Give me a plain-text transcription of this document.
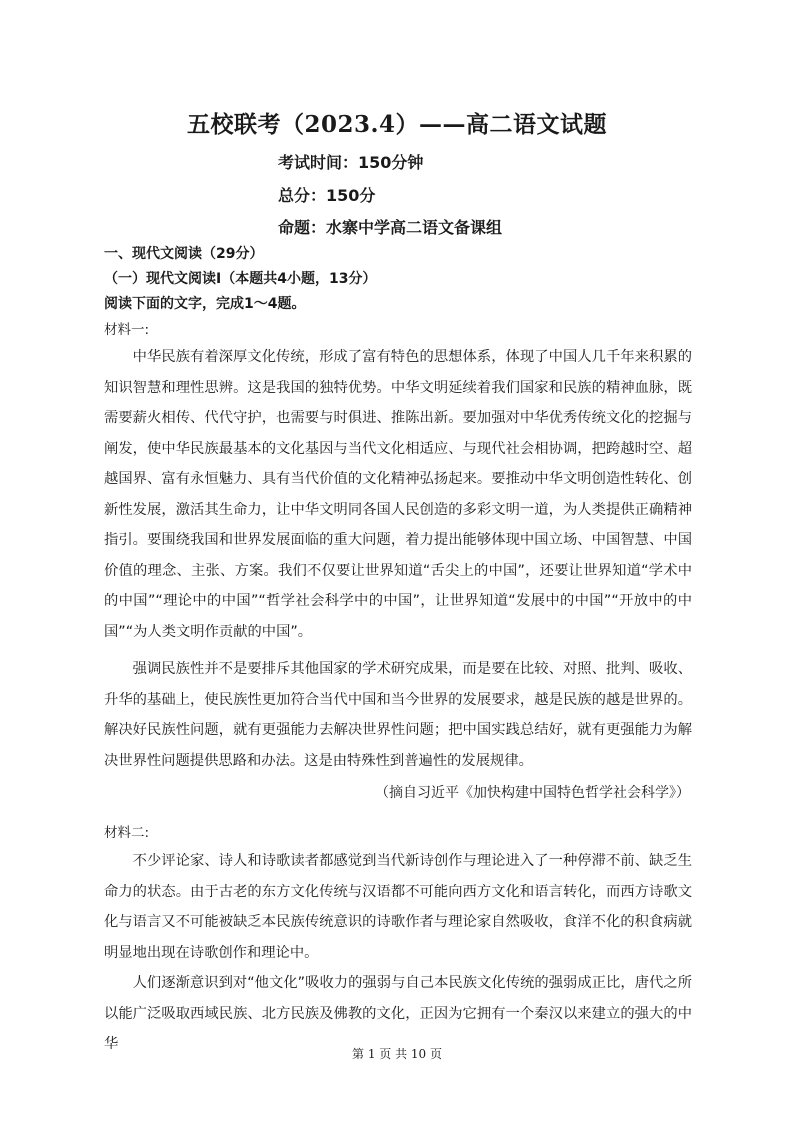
五校联考（2023.4）——高二语文试题
考试时间：150分钟
总分：150分
命题：水寨中学高二语文备课组
一、现代文阅读（29分）
（一）现代文阅读Ⅰ（本题共4小题，13分）
阅读下面的文字，完成1～4题。
材料一:

中华民族有着深厚文化传统，形成了富有特色的思想体系，体现了中国人几千年来积累的知识智慧和理性思辨。这是我国的独特优势。中华文明延续着我们国家和民族的精神血脉，既需要薪火相传、代代守护，也需要与时俱进、推陈出新。要加强对中华优秀传统文化的挖掘与阐发，使中华民族最基本的文化基因与当代文化相适应、与现代社会相协调，把跨越时空、超越国界、富有永恒魅力、具有当代价值的文化精神弘扬起来。要推动中华文明创造性转化、创新性发展，激活其生命力，让中华文明同各国人民创造的多彩文明一道，为人类提供正确精神指引。要围绕我国和世界发展面临的重大问题，着力提出能够体现中国立场、中国智慧、中国价值的理念、主张、方案。我们不仅要让世界知道“舌尖上的中国”，还要让世界知道“学术中的中国”“理论中的中国”“哲学社会科学中的中国”，让世界知道“发展中的中国”“开放中的中国”“为人类文明作贡献的中国”。

强调民族性并不是要排斥其他国家的学术研究成果，而是要在比较、对照、批判、吸收、升华的基础上，使民族性更加符合当代中国和当今世界的发展要求，越是民族的越是世界的。解决好民族性问题，就有更强能力去解决世界性问题；把中国实践总结好，就有更强能力为解决世界性问题提供思路和办法。这是由特殊性到普遍性的发展规律。

（摘自习近平《加快构建中国特色哲学社会科学》）
材料二:

不少评论家、诗人和诗歌读者都感觉到当代新诗创作与理论进入了一种停滞不前、缺乏生命力的状态。由于古老的东方文化传统与汉语都不可能向西方文化和语言转化，而西方诗歌文化与语言又不可能被缺乏本民族传统意识的诗歌作者与理论家自然吸收，食洋不化的积食病就明显地出现在诗歌创作和理论中。

人们逐渐意识到对“他文化”吸收力的强弱与自己本民族文化传统的强弱成正比，唐代之所以能广泛吸取西域民族、北方民族及佛教的文化，正因为它拥有一个秦汉以来建立的强大的中华

第 1 页 共 10 页
